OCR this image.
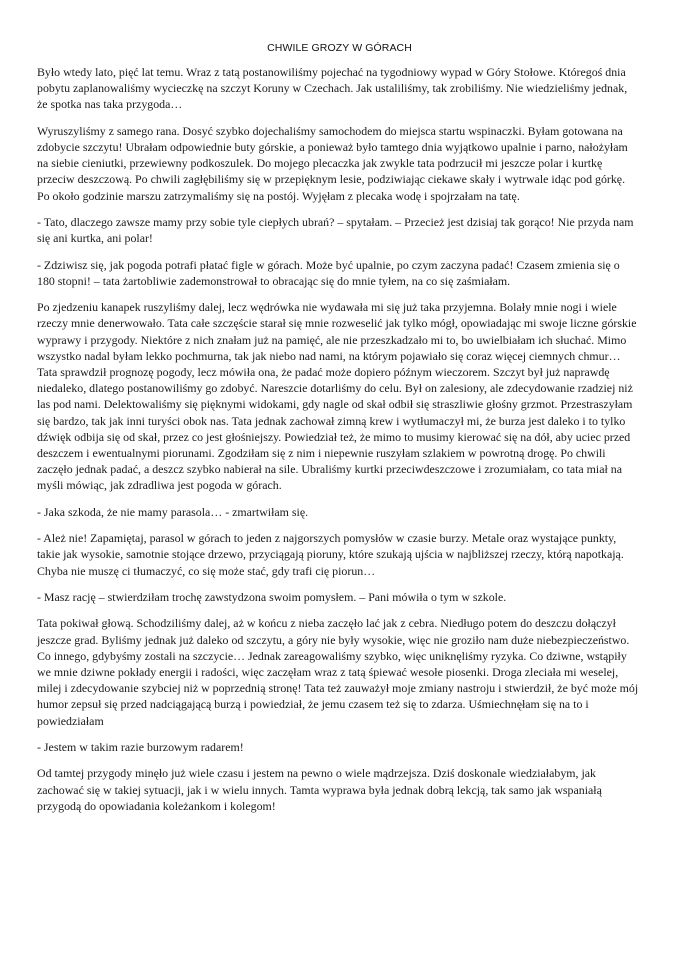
CHWILE GROZY W GÓRACH

Było wtedy lato, pięć lat temu. Wraz z tatą postanowiliśmy pojechać na tygodniowy wypad w Góry Stołowe. Któregoś dnia pobytu zaplanowaliśmy wycieczkę na szczyt Koruny w Czechach. Jak ustaliliśmy, tak zrobiliśmy. Nie wiedzieliśmy jednak, że spotka nas taka przygoda…

Wyruszyliśmy z samego rana. Dosyć szybko dojechaliśmy samochodem do miejsca startu wspinaczki. Byłam gotowana na zdobycie szczytu! Ubrałam odpowiednie buty górskie, a ponieważ było tamtego dnia wyjątkowo upalnie i parno, nałożyłam na siebie cieniutki, przewiewny podkoszulek. Do mojego plecaczka jak zwykle tata podrzucił mi jeszcze polar i kurtkę przeciw deszczową. Po chwili zagłębiliśmy się w przepięknym lesie, podziwiając ciekawe skały i wytrwale idąc pod górkę. Po około godzinie marszu zatrzymaliśmy się na postój. Wyjęłam z plecaka wodę i spojrzałam na tatę.

- Tato, dlaczego zawsze mamy przy sobie tyle ciepłych ubrań? – spytałam. – Przecież jest dzisiaj tak gorąco! Nie przyda nam się ani kurtka, ani polar!

- Zdziwisz się, jak pogoda potrafi płatać figle w górach. Może być upalnie, po czym zaczyna padać! Czasem zmienia się o 180 stopni! – tata żartobliwie zademonstrował to obracając się do mnie tyłem, na co się zaśmiałam.

Po zjedzeniu kanapek ruszyliśmy dalej, lecz wędrówka nie wydawała mi się już taka przyjemna. Bolały mnie nogi i wiele rzeczy mnie denerwowało. Tata całe szczęście starał się mnie rozweselić jak tylko mógł, opowiadając mi swoje liczne górskie wyprawy i przygody. Niektóre z nich znałam już na pamięć, ale nie przeszkadzało mi to, bo uwielbiałam ich słuchać. Mimo wszystko nadal byłam lekko pochmurna, tak jak niebo nad nami, na którym pojawiało się coraz więcej ciemnych chmur… Tata sprawdził prognozę pogody, lecz mówiła ona, że padać może dopiero późnym wieczorem. Szczyt był już naprawdę niedaleko, dlatego postanowiliśmy go zdobyć. Nareszcie dotarliśmy do celu. Był on zalesiony, ale zdecydowanie rzadziej niż las pod nami. Delektowaliśmy się pięknymi widokami, gdy nagle od skał odbił się straszliwie głośny grzmot. Przestraszyłam się bardzo, tak jak inni turyści obok nas. Tata jednak zachował zimną krew i wytłumaczył mi, że burza jest daleko i to tylko dźwięk odbija się od skał, przez co jest głośniejszy. Powiedział też, że mimo to musimy kierować się na dół, aby uciec przed deszczem i ewentualnymi piorunami. Zgodziłam się z nim i niepewnie ruszyłam szlakiem w powrotną drogę. Po chwili zaczęło jednak padać, a deszcz szybko nabierał na sile. Ubraliśmy kurtki przeciwdeszczowe i zrozumiałam, co tata miał na myśli mówiąc, jak zdradliwa jest pogoda w górach.

- Jaka szkoda, że nie mamy parasola… - zmartwiłam się.

- Ależ nie! Zapamiętaj, parasol w górach to jeden z najgorszych pomysłów w czasie burzy. Metale oraz wystające punkty, takie jak wysokie, samotnie stojące drzewo, przyciągają pioruny, które szukają ujścia w najbliższej rzeczy, którą napotkają. Chyba nie muszę ci tłumaczyć, co się może stać, gdy trafi cię piorun…

- Masz rację – stwierdziłam trochę zawstydzona swoim pomysłem. – Pani mówiła o tym w szkole.

Tata pokiwał głową. Schodziliśmy dalej, aż w końcu z nieba zaczęło lać jak z cebra. Niedługo potem do deszczu dołączył jeszcze grad. Byliśmy jednak już daleko od szczytu, a góry nie były wysokie, więc nie groziło nam duże niebezpieczeństwo. Co innego, gdybyśmy zostali na szczycie… Jednak zareagowaliśmy szybko, więc uniknęliśmy ryzyka. Co dziwne, wstąpiły we mnie dziwne pokłady energii i radości, więc zaczęłam wraz z tatą śpiewać wesołe piosenki. Droga zleciała mi weselej, milej i zdecydowanie szybciej niż w poprzednią stronę! Tata też zauważył moje zmiany nastroju i stwierdził, że być może mój humor zepsuł się przed nadciągającą burzą i powiedział, że jemu czasem też się to zdarza. Uśmiechnęłam się na to i powiedziałam

- Jestem w takim razie burzowym radarem!

Od tamtej przygody minęło już wiele czasu i jestem na pewno o wiele mądrzejsza. Dziś doskonale wiedziałabym, jak zachować się w takiej sytuacji, jak i w wielu innych. Tamta wyprawa była jednak dobrą lekcją, tak samo jak wspaniałą przygodą do opowiadania koleżankom i kolegom!
